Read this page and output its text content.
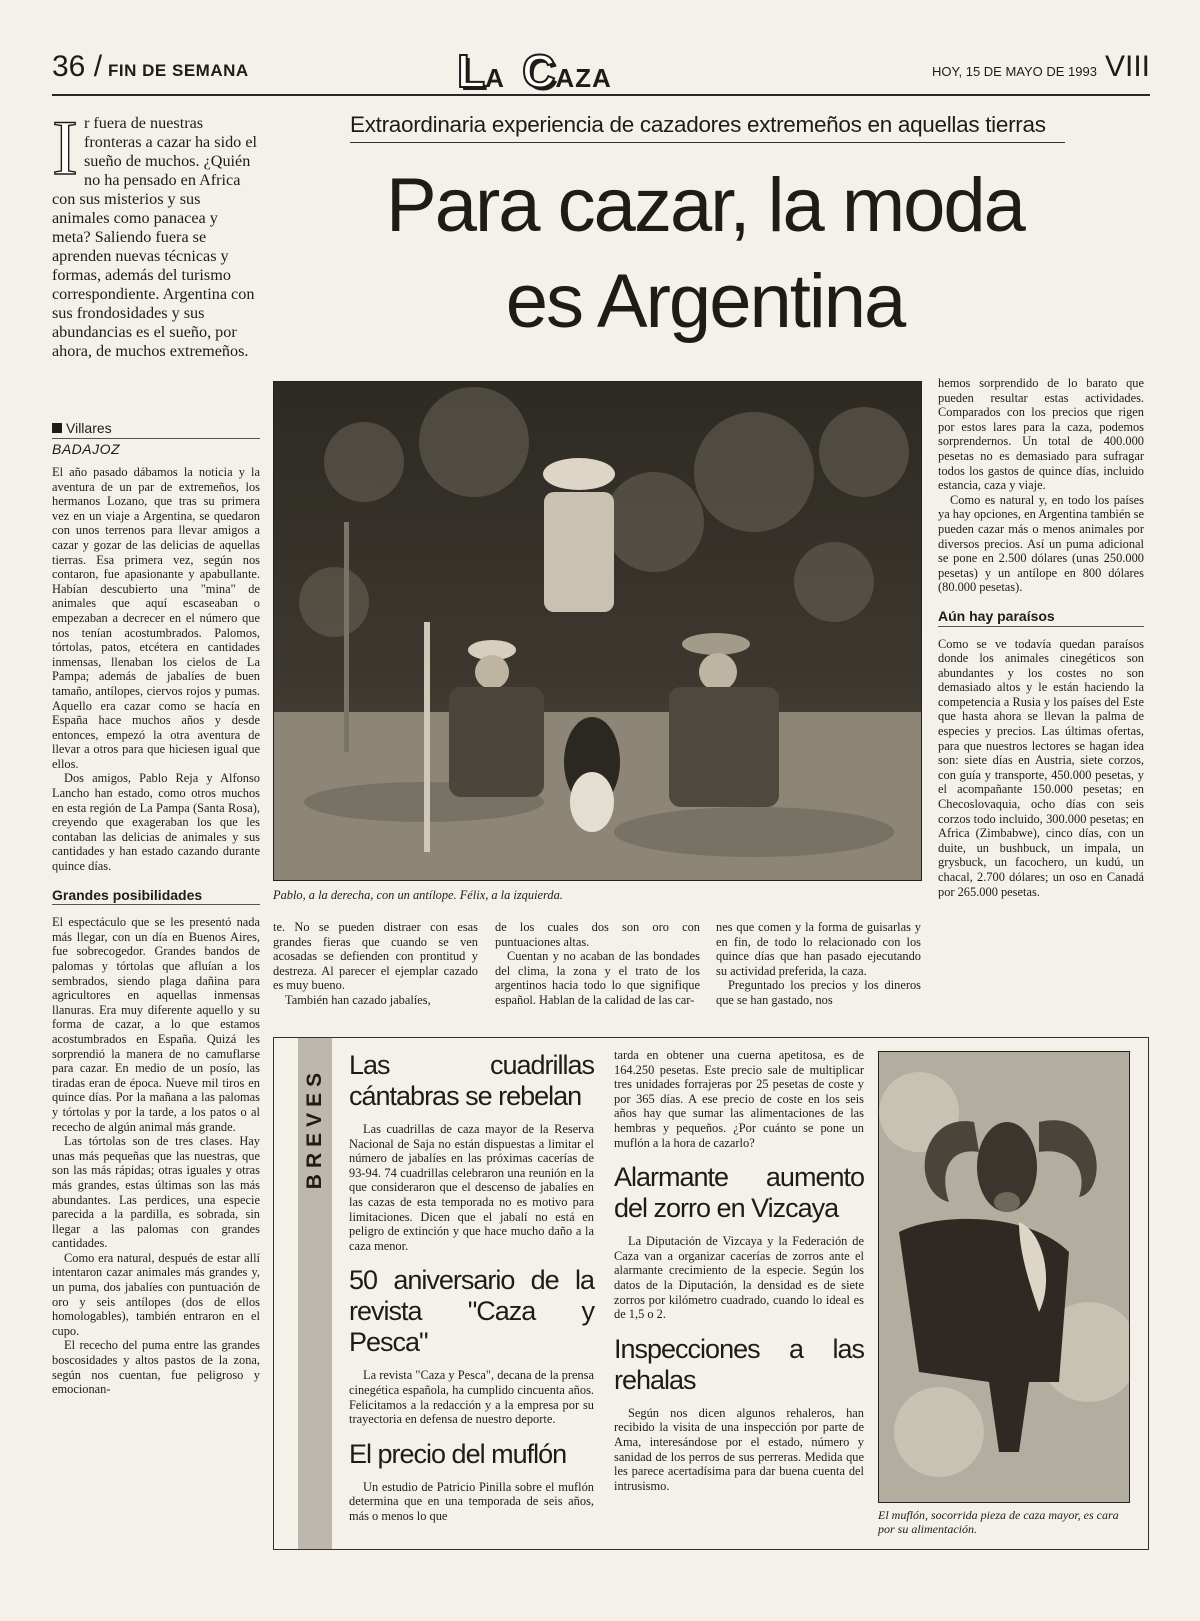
36 / FIN DE SEMANA	LA CAZA	HOY, 15 DE MAYO DE 1993 VIII
Ir fuera de nuestras fronteras a cazar ha sido el sueño de muchos. ¿Quién no ha pensado en Africa con sus misterios y sus animales como panacea y meta? Saliendo fuera se aprenden nuevas técnicas y formas, además del turismo correspondiente. Argentina con sus frondosidades y sus abundancias es el sueño, por ahora, de muchos extremeños.
Villares
BADAJOZ

El año pasado dábamos la noticia y la aventura de un par de extremeños, los hermanos Lozano, que tras su primera vez en un viaje a Argentina, se quedaron con unos terrenos para llevar amigos a cazar y gozar de las delicias de aquellas tierras. Esa primera vez, según nos contaron, fue apasionante y apabullante. Habían descubierto una "mina" de animales que aquí escaseaban o empezaban a decrecer en el número que nos tenían acostumbrados. Palomos, tórtolas, patos, etcétera en cantidades inmensas, llenaban los cielos de La Pampa; además de jabalíes de buen tamaño, antílopes, ciervos rojos y pumas. Aquello era cazar como se hacía en España hace muchos años y desde entonces, empezó la otra aventura de llevar a otros para que hiciesen igual que ellos.

Dos amigos, Pablo Reja y Alfonso Lancho han estado, como otros muchos en esta región de La Pampa (Santa Rosa), creyendo que exageraban los que les contaban las delicias de animales y sus cantidades y han estado cazando durante quince días.

Grandes posibilidades

El espectáculo que se les presentó nada más llegar, con un día en Buenos Aires, fue sobrecogedor. Grandes bandos de palomas y tórtolas que afluían a los sembrados, siendo plaga dañina para agricultores en aquellas inmensas llanuras. Era muy diferente aquello y su forma de cazar, a lo que estamos acostumbrados en España. Quizá les sorprendió la manera de no camuflarse para cazar. En medio de un posío, las tiradas eran de época. Nueve mil tiros en quince días. Por la mañana a las palomas y tórtolas y por la tarde, a los patos o al rececho de algún animal más grande.

Las tórtolas son de tres clases. Hay unas más pequeñas que las nuestras, que son las más rápidas; otras iguales y otras más grandes, estas últimas son las más abundantes. Las perdices, una especie parecida a la pardilla, es sobrada, sin llegar a las palomas con grandes cantidades.

Como era natural, después de estar allí intentaron cazar animales más grandes y, un puma, dos jabalíes con puntuación de oro y seis antílopes (dos de ellos homologables), también entraron en el cupo.

El rececho del puma entre las grandes boscosidades y altos pastos de la zona, según nos cuentan, fue peligroso y emocionan-

Extraordinaria experiencia de cazadores extremeños en aquellas tierras
Para cazar, la moda
es Argentina
Pablo, a la derecha, con un antílope. Félix, a la izquierda.

te. No se pueden distraer con esas grandes fieras que cuando se ven acosadas se defienden con prontitud y destreza. Al parecer el ejemplar cazado es muy bueno.

También han cazado jabalíes,

de los cuales dos son oro con puntuaciones altas.

Cuentan y no acaban de las bondades del clima, la zona y el trato de los argentinos hacia todo lo que signifique español. Hablan de la calidad de las car-

nes que comen y la forma de guisarlas y en fin, de todo lo relacionado con los quince días que han pasado ejecutando su actividad preferida, la caza.

Preguntado los precios y los dineros que se han gastado, nos

hemos sorprendido de lo barato que pueden resultar estas actividades. Comparados con los precios que rigen por estos lares para la caza, podemos sorprendernos. Un total de 400.000 pesetas no es demasiado para sufragar todos los gastos de quince días, incluido estancia, caza y viaje.

Como es natural y, en todo los países ya hay opciones, en Argentina también se pueden cazar más o menos animales por diversos precios. Así un puma adicional se pone en 2.500 dólares (unas 250.000 pesetas) y un antílope en 800 dólares (80.000 pesetas).

Aún hay paraísos

Como se ve todavía quedan paraísos donde los animales cinegéticos son abundantes y los costes no son demasiado altos y le están haciendo la competencia a Rusia y los países del Este que hasta ahora se llevan la palma de especies y precios. Las últimas ofertas, para que nuestros lectores se hagan idea son: siete días en Austria, siete corzos, con guía y transporte, 450.000 pesetas, y el acompañante 150.000 pesetas; en Checoslovaquia, ocho días con seis corzos todo incluido, 300.000 pesetas; en Africa (Zimbabwe), cinco días, con un duite, un bushbuck, un impala, un grysbuck, un facochero, un kudú, un chacal, 2.700 dólares; un oso en Canadá por 265.000 pesetas.

BREVES
Las cuadrillas cántabras se rebelan

Las cuadrillas de caza mayor de la Reserva Nacional de Saja no están dispuestas a limitar el número de jabalíes en las próximas cacerías de 93-94. 74 cuadrillas celebraron una reunión en la que consideraron que el descenso de jabalíes en las cazas de esta temporada no es motivo para limitaciones. Dicen que el jabalí no está en peligro de extinción y que hace mucho daño a la caza menor.

50 aniversario de la revista "Caza y Pesca"

La revista "Caza y Pesca", decana de la prensa cinegética española, ha cumplido cincuenta años. Felicitamos a la redacción y a la empresa por su trayectoria en defensa de nuestro deporte.

El precio del muflón

Un estudio de Patricio Pinilla sobre el muflón determina que en una temporada de seis años, más o menos lo que

tarda en obtener una cuerna apetitosa, es de 164.250 pesetas. Este precio sale de multiplicar tres unidades forrajeras por 25 pesetas de coste y por 365 días. A ese precio de coste en los seis años hay que sumar las alimentaciones de las hembras y pequeños. ¿Por cuánto se pone un muflón a la hora de cazarlo?

Alarmante aumento del zorro en Vizcaya

La Diputación de Vizcaya y la Federación de Caza van a organizar cacerías de zorros ante el alarmante crecimiento de la especie. Según los datos de la Diputación, la densidad es de siete zorros por kilómetro cuadrado, cuando lo ideal es de 1,5 o 2.

Inspecciones a las rehalas

Según nos dicen algunos rehaleros, han recibido la visita de una inspección por parte de Ama, interesándose por el estado, número y sanidad de los perros de sus perreras. Medida que les parece acertadísima para dar buena cuenta del intrusismo.

El muflón, socorrida pieza de caza mayor, es cara por su alimentación.
